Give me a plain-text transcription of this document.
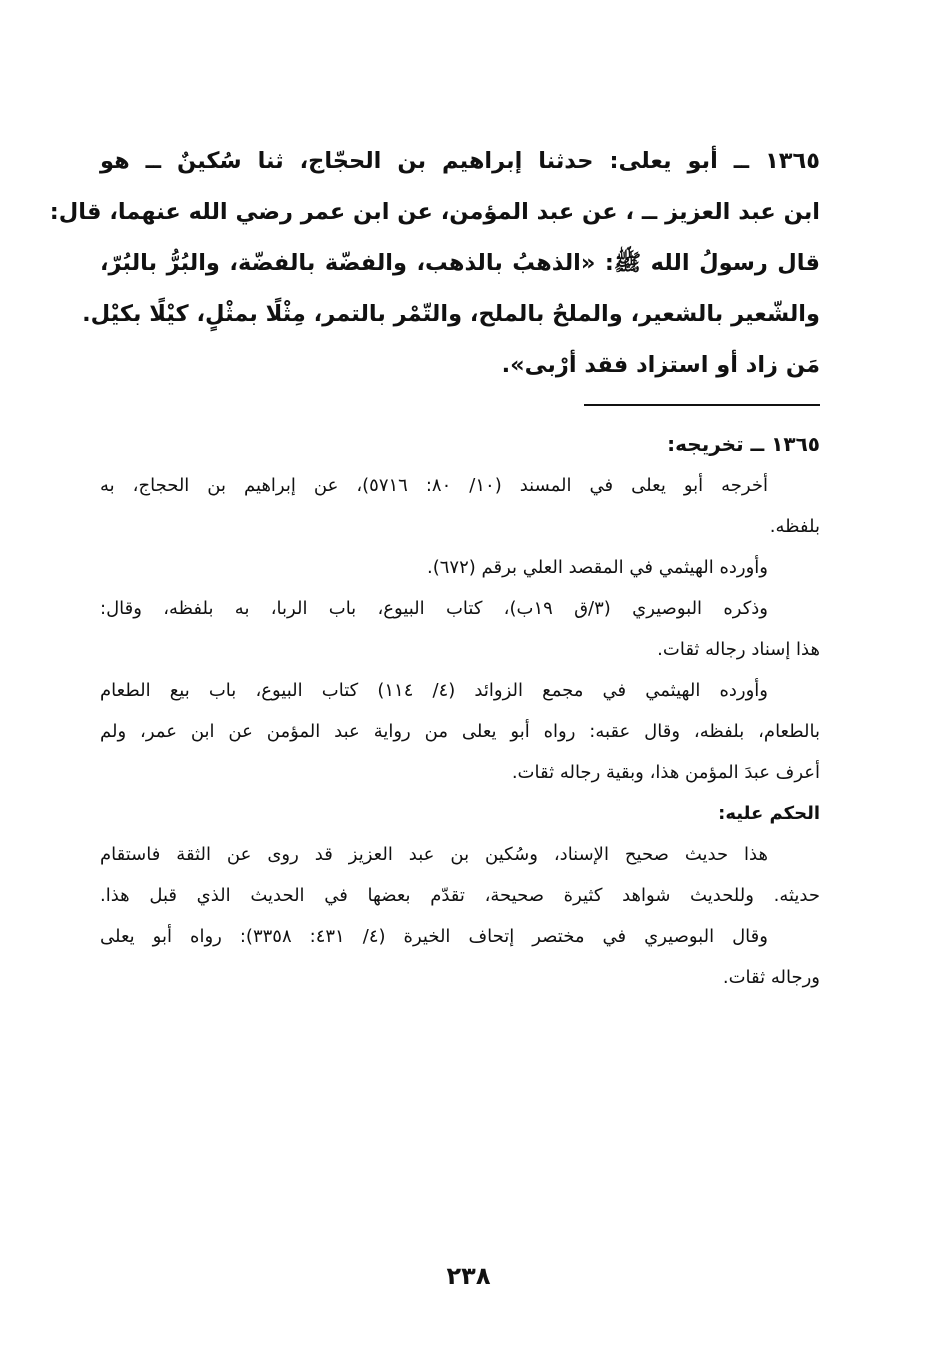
١٣٦٥ ــ أبو يعلى: حدثنا إبراهيم بن الحجّاج، ثنا سُكينٌ ــ هو
ابن عبد العزيز ــ ، عن عبد المؤمن، عن ابن عمر رضي الله عنهما، قال:
قال رسولُ الله ﷺ: «الذهبُ بالذهب، والفضّة بالفضّة، والبُرُّ بالبُرّ،
والشّعير بالشعير، والملحُ بالملح، والتّمْر بالتمر، مِثْلًا بمثْلٍ، كيْلًا بكيْل.
مَن زاد أو استزاد فقد أرْبى».
١٣٦٥ ــ تخريجه:
أخرجه أبو يعلى في المسند (١٠/ ٨٠: ٥٧١٦)، عن إبراهيم بن الحجاج، به
بلفظه.
وأورده الهيثمي في المقصد العلي برقم (٦٧٢).
وذكره البوصيري (٣/ق ١٩ب)، كتاب البيوع، باب الربا، به بلفظه، وقال:
هذا إسناد رجاله ثقات.
وأورده الهيثمي في مجمع الزوائد (٤/ ١١٤) كتاب البيوع، باب بيع الطعام
بالطعام، بلفظه، وقال عقبه: رواه أبو يعلى من رواية عبد المؤمن عن ابن عمر، ولم
أعرف عبدَ المؤمن هذا، وبقية رجاله ثقات.
الحكم عليه:
هذا حديث صحيح الإسناد، وسُكين بن عبد العزيز قد روى عن الثقة فاستقام
حديثه. وللحديث شواهد كثيرة صحيحة، تقدّم بعضها في الحديث الذي قبل هذا.
وقال البوصيري في مختصر إتحاف الخيرة (٤/ ٤٣١: ٣٣٥٨): رواه أبو يعلى
ورجاله ثقات.
٢٣٨
